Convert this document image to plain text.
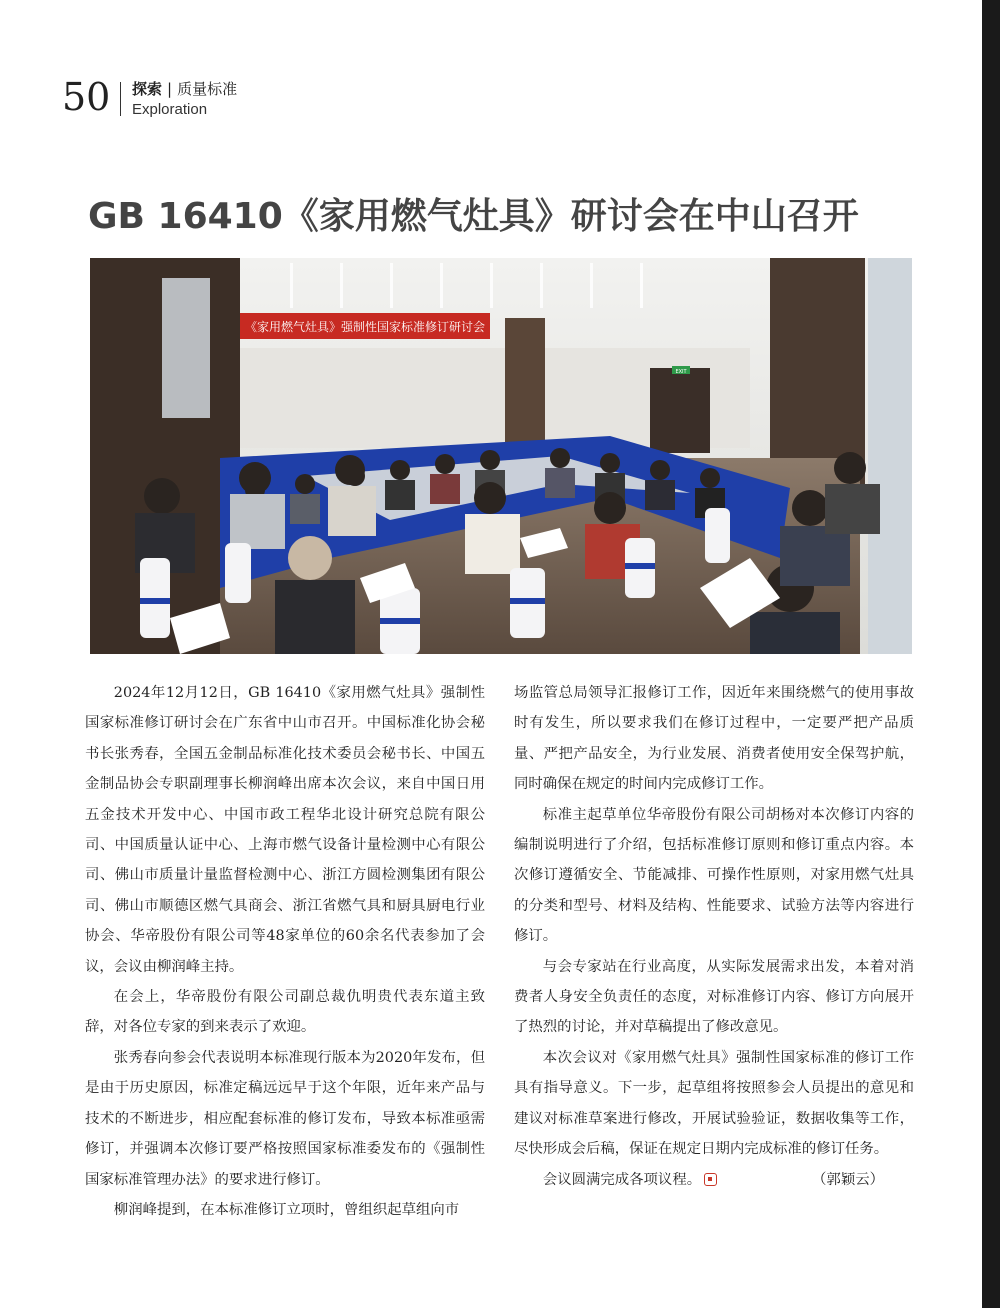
50 探索 | 质量标准
Exploration
GB 16410《家用燃气灶具》研讨会在中山召开
EXIT
《家用燃气灶具》强制性国家标准修订研讨会

2024年12月12日，GB 16410《家用燃气灶具》强制性国家标准修订研讨会在广东省中山市召开。中国标准化协会秘书长张秀春，全国五金制品标准化技术委员会秘书长、中国五金制品协会专职副理事长柳润峰出席本次会议，来自中国日用五金技术开发中心、中国市政工程华北设计研究总院有限公司、中国质量认证中心、上海市燃气设备计量检测中心有限公司、佛山市质量计量监督检测中心、浙江方圆检测集团有限公司、佛山市顺德区燃气具商会、浙江省燃气具和厨具厨电行业协会、华帝股份有限公司等48家单位的60余名代表参加了会议，会议由柳润峰主持。

在会上，华帝股份有限公司副总裁仇明贵代表东道主致辞，对各位专家的到来表示了欢迎。

张秀春向参会代表说明本标准现行版本为2020年发布，但是由于历史原因，标准定稿远远早于这个年限，近年来产品与技术的不断进步，相应配套标准的修订发布，导致本标准亟需修订，并强调本次修订要严格按照国家标准委发布的《强制性国家标准管理办法》的要求进行修订。

柳润峰提到，在本标准修订立项时，曾组织起草组向市

场监管总局领导汇报修订工作，因近年来围绕燃气的使用事故时有发生，所以要求我们在修订过程中，一定要严把产品质量、严把产品安全，为行业发展、消费者使用安全保驾护航，同时确保在规定的时间内完成修订工作。

标准主起草单位华帝股份有限公司胡杨对本次修订内容的编制说明进行了介绍，包括标准修订原则和修订重点内容。本次修订遵循安全、节能减排、可操作性原则，对家用燃气灶具的分类和型号、材料及结构、性能要求、试验方法等内容进行修订。

与会专家站在行业高度，从实际发展需求出发，本着对消费者人身安全负责任的态度，对标准修订内容、修订方向展开了热烈的讨论，并对草稿提出了修改意见。

本次会议对《家用燃气灶具》强制性国家标准的修订工作具有指导意义。下一步，起草组将按照参会人员提出的意见和建议对标准草案进行修改，开展试验验证，数据收集等工作，尽快形成会后稿，保证在规定日期内完成标准的修订任务。

会议圆满完成各项议程。	（郭颖云）
